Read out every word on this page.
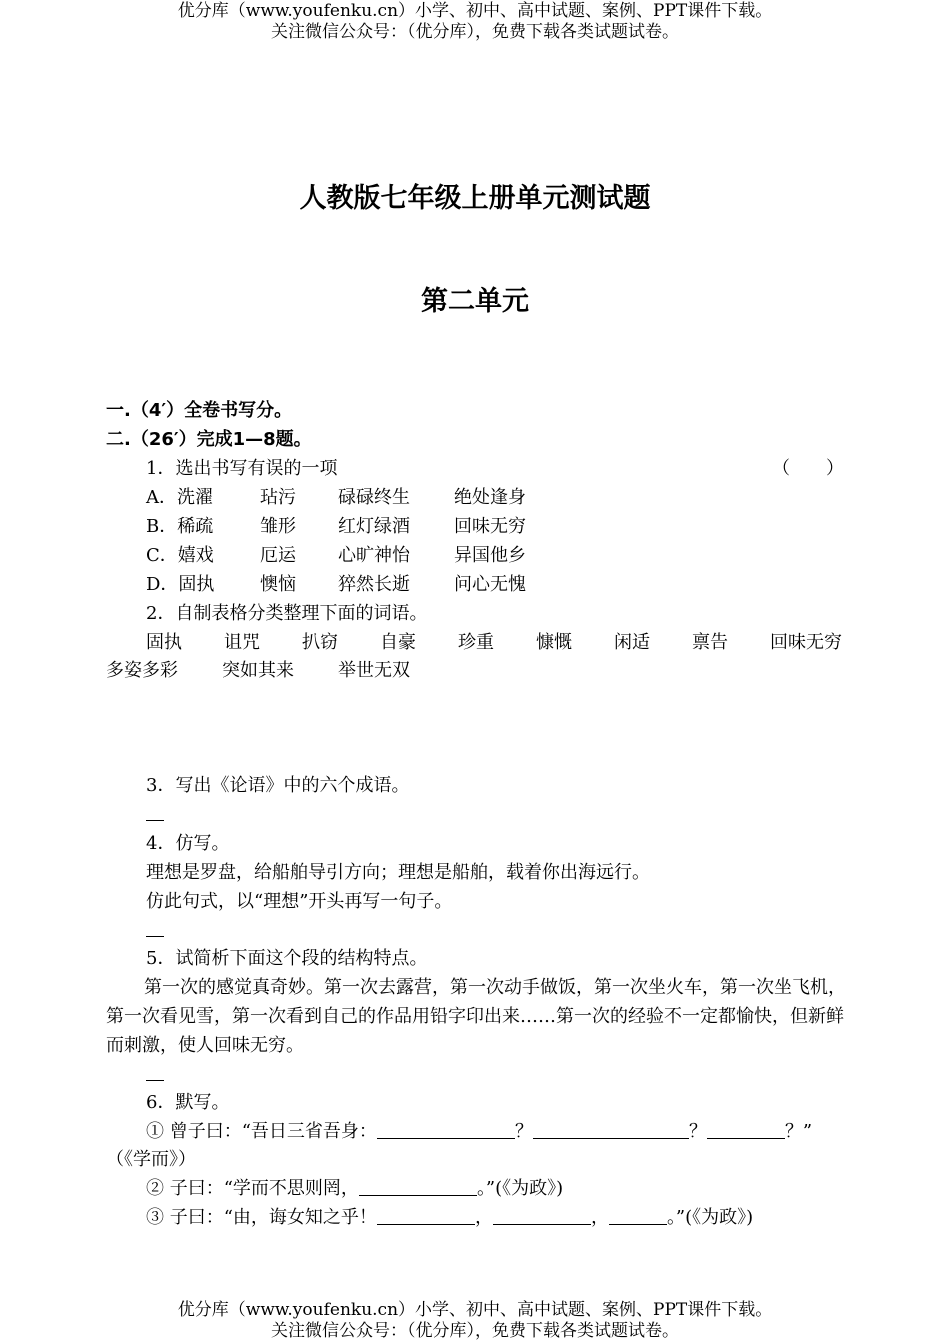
优分库（www.youfenku.cn）小学、初中、高中试题、案例、PPT课件下载。
关注微信公众号：（优分库），免费下载各类试题试卷。
人教版七年级上册单元测试题
第二单元
一.（4′）全卷书写分。
二.（26′）完成1—8题。
1．选出书写有误的一项	（　　）
A．洗濯	玷污 碌碌终生 绝处逢身
B．稀疏	雏形 红灯绿酒 回味无穷
C．嬉戏	厄运 心旷神怡 异国他乡
D．固执	懊恼 猝然长逝 问心无愧
2．自制表格分类整理下面的词语。
固执 诅咒 扒窃 自豪 珍重 慷慨 闲适 禀告 回味无穷
多姿多彩 突如其来 举世无双
3．写出《论语》中的六个成语。
4．仿写。
理想是罗盘，给船舶导引方向；理想是船舶，载着你出海远行。
仿此句式，以“理想”开头再写一句子。
5．试简析下面这个段的结构特点。
第一次的感觉真奇妙。第一次去露营，第一次动手做饭，第一次坐火车，第一次坐飞机，第一次看见雪，第一次看到自己的作品用铅字印出来……第一次的经验不一定都愉快，但新鲜而刺激，使人回味无穷。
6．默写。
① 曾子曰：“吾日三省吾身：	？	？	？”
（《学而》）
② 子曰：“学而不思则罔，	。”(《为政》)
③ 子曰：“由，诲女知之乎！	，	，	。”(《为政》)
优分库（www.youfenku.cn）小学、初中、高中试题、案例、PPT课件下载。
关注微信公众号：（优分库），免费下载各类试题试卷。
